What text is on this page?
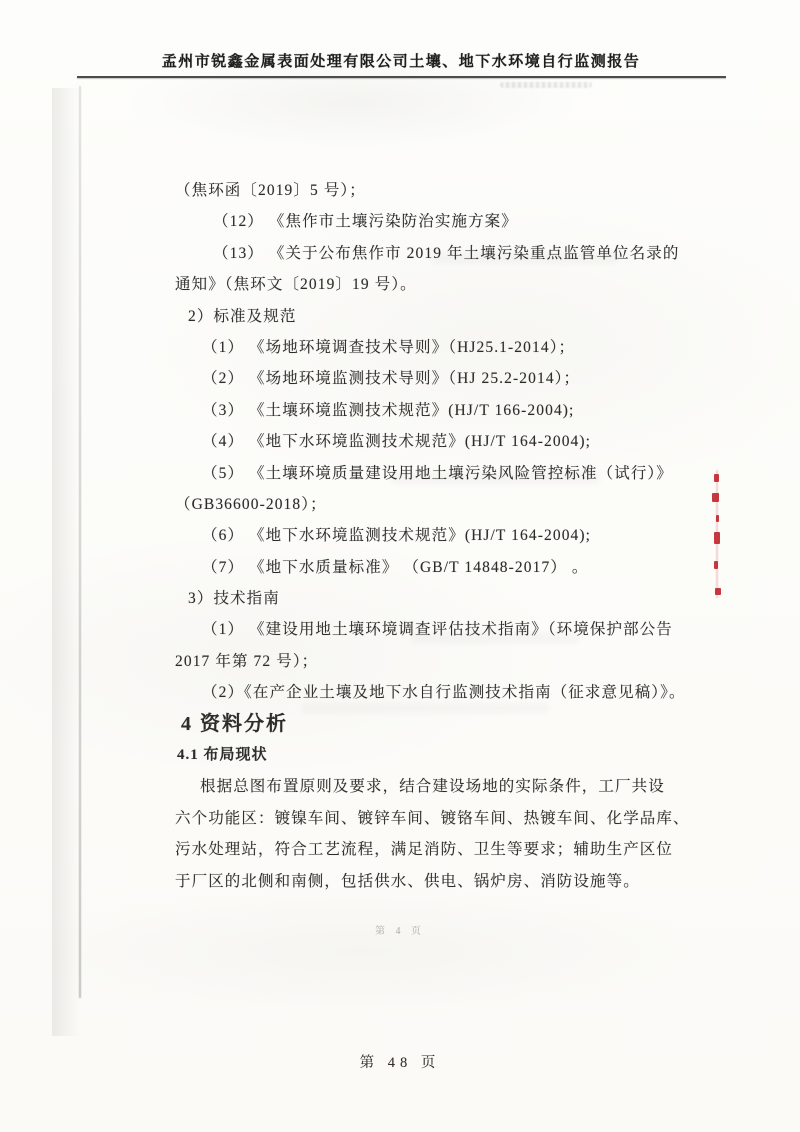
孟州市锐鑫金属表面处理有限公司土壤、地下水环境自行监测报告
（焦环函〔2019〕5 号）；
（12） 《焦作市土壤污染防治实施方案》
（13） 《关于公布焦作市 2019 年土壤污染重点监管单位名录的
通知》（焦环文〔2019〕19 号）。
2）标准及规范
（1） 《场地环境调查技术导则》（HJ25.1-2014）；
（2） 《场地环境监测技术导则》（HJ 25.2-2014）；
（3） 《土壤环境监测技术规范》(HJ/T 166-2004);
（4） 《地下水环境监测技术规范》(HJ/T 164-2004);
（5） 《土壤环境质量建设用地土壤污染风险管控标准（试行）》
（GB36600-2018）；
（6） 《地下水环境监测技术规范》(HJ/T 164-2004);
（7） 《地下水质量标准》 （GB/T 14848-2017） 。
3）技术指南
（1） 《建设用地土壤环境调查评估技术指南》（环境保护部公告
2017 年第 72 号）；
（2）《在产企业土壤及地下水自行监测技术指南（征求意见稿）》。
4 资料分析
4.1 布局现状
根据总图布置原则及要求，结合建设场地的实际条件，工厂共设
六个功能区：镀镍车间、镀锌车间、镀铬车间、热镀车间、化学品库、
污水处理站，符合工艺流程，满足消防、卫生等要求；辅助生产区位
于厂区的北侧和南侧，包括供水、供电、锅炉房、消防设施等。
第 4 页
第 48 页
